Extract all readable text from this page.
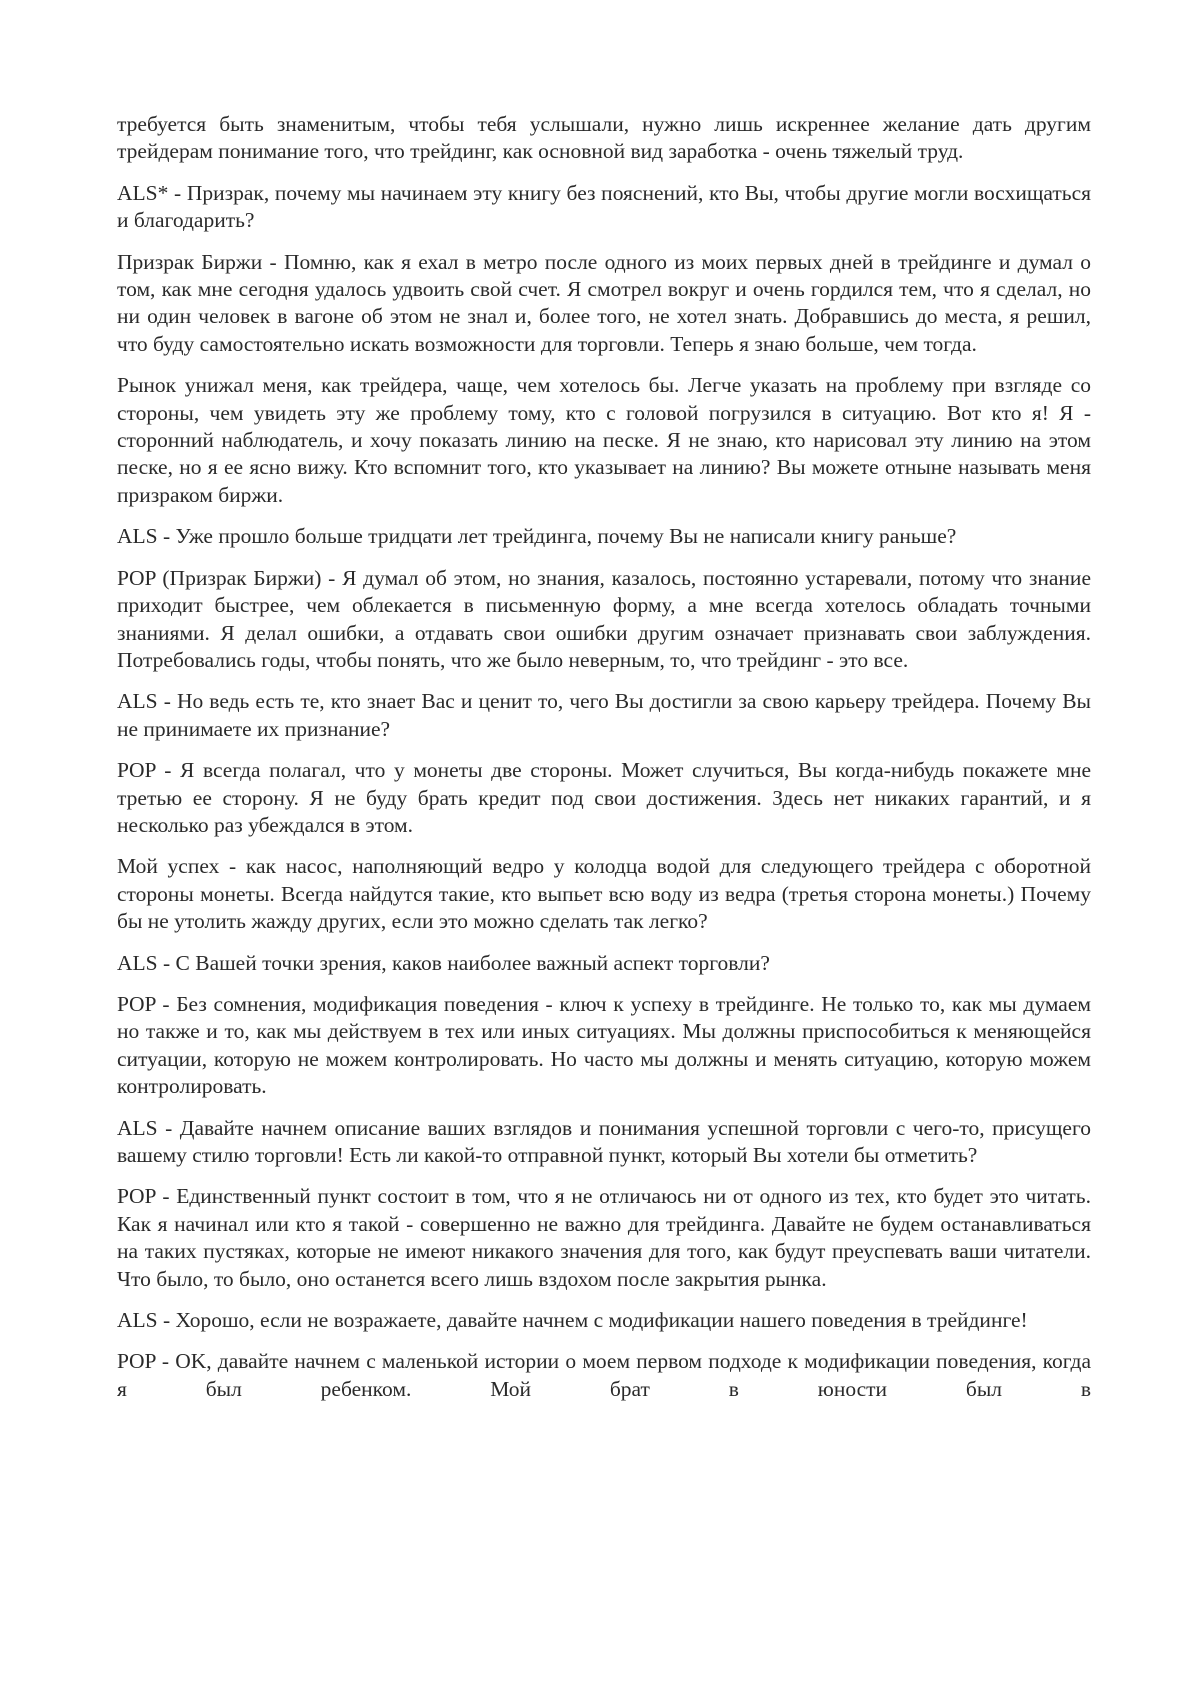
требуется быть знаменитым, чтобы тебя услышали, нужно лишь искреннее желание дать другим трейдерам понимание того, что трейдинг, как основной вид заработка - очень тяжелый труд.

ALS* - Призрак, почему мы начинаем эту книгу без пояснений, кто Вы, чтобы другие могли восхищаться и благодарить?

Призрак Биржи - Помню, как я ехал в метро после одного из моих первых дней в трейдинге и думал о том, как мне сегодня удалось удвоить свой счет. Я смотрел вокруг и очень гордился тем, что я сделал, но ни один человек в вагоне об этом не знал и, более того, не хотел знать. Добравшись до места, я решил, что буду самостоятельно искать возможности для торговли. Теперь я знаю больше, чем тогда.

Рынок унижал меня, как трейдера, чаще, чем хотелось бы. Легче указать на проблему при взгляде со стороны, чем увидеть эту же проблему тому, кто с головой погрузился в ситуацию. Вот кто я! Я - сторонний наблюдатель, и хочу показать линию на песке. Я не знаю, кто нарисовал эту линию на этом песке, но я ее ясно вижу. Кто вспомнит того, кто указывает на линию? Вы можете отныне называть меня призраком биржи.

ALS - Уже прошло больше тридцати лет трейдинга, почему Вы не написали книгу раньше?

POP (Призрак Биржи) - Я думал об этом, но знания, казалось, постоянно устаревали, потому что знание приходит быстрее, чем облекается в письменную форму, а мне всегда хотелось обладать точными знаниями. Я делал ошибки, а отдавать свои ошибки другим означает признавать свои заблуждения. Потребовались годы, чтобы понять, что же было неверным, то, что трейдинг - это все.

ALS - Но ведь есть те, кто знает Вас и ценит то, чего Вы достигли за свою карьеру трейдера. Почему Вы не принимаете их признание?

POP - Я всегда полагал, что у монеты две стороны. Может случиться, Вы когда-нибудь покажете мне третью ее сторону. Я не буду брать кредит под свои достижения. Здесь нет никаких гарантий, и я несколько раз убеждался в этом.

Мой успех - как насос, наполняющий ведро у колодца водой для следующего трейдера с оборотной стороны монеты. Всегда найдутся такие, кто выпьет всю воду из ведра (третья сторона монеты.) Почему бы не утолить жажду других, если это можно сделать так легко?

ALS - С Вашей точки зрения, каков наиболее важный аспект торговли?

POP - Без сомнения, модификация поведения - ключ к успеху в трейдинге. Не только то, как мы думаем но также и то, как мы действуем в тех или иных ситуациях. Мы должны приспособиться к меняющейся ситуации, которую не можем контролировать. Но часто мы должны и менять ситуацию, которую можем контролировать.

ALS - Давайте начнем описание ваших взглядов и понимания успешной торговли с чего-то, присущего вашему стилю торговли! Есть ли какой-то отправной пункт, который Вы хотели бы отметить?

POP - Единственный пункт состоит в том, что я не отличаюсь ни от одного из тех, кто будет это читать. Как я начинал или кто я такой - совершенно не важно для трейдинга. Давайте не будем останавливаться на таких пустяках, которые не имеют никакого значения для того, как будут преуспевать ваши читатели. Что было, то было, оно останется всего лишь вздохом после закрытия рынка.

ALS - Хорошо, если не возражаете, давайте начнем с модификации нашего поведения в трейдинге!

POP - OK, давайте начнем с маленькой истории о моем первом подходе к модификации поведения, когда я был ребенком. Мой брат в юности был в
